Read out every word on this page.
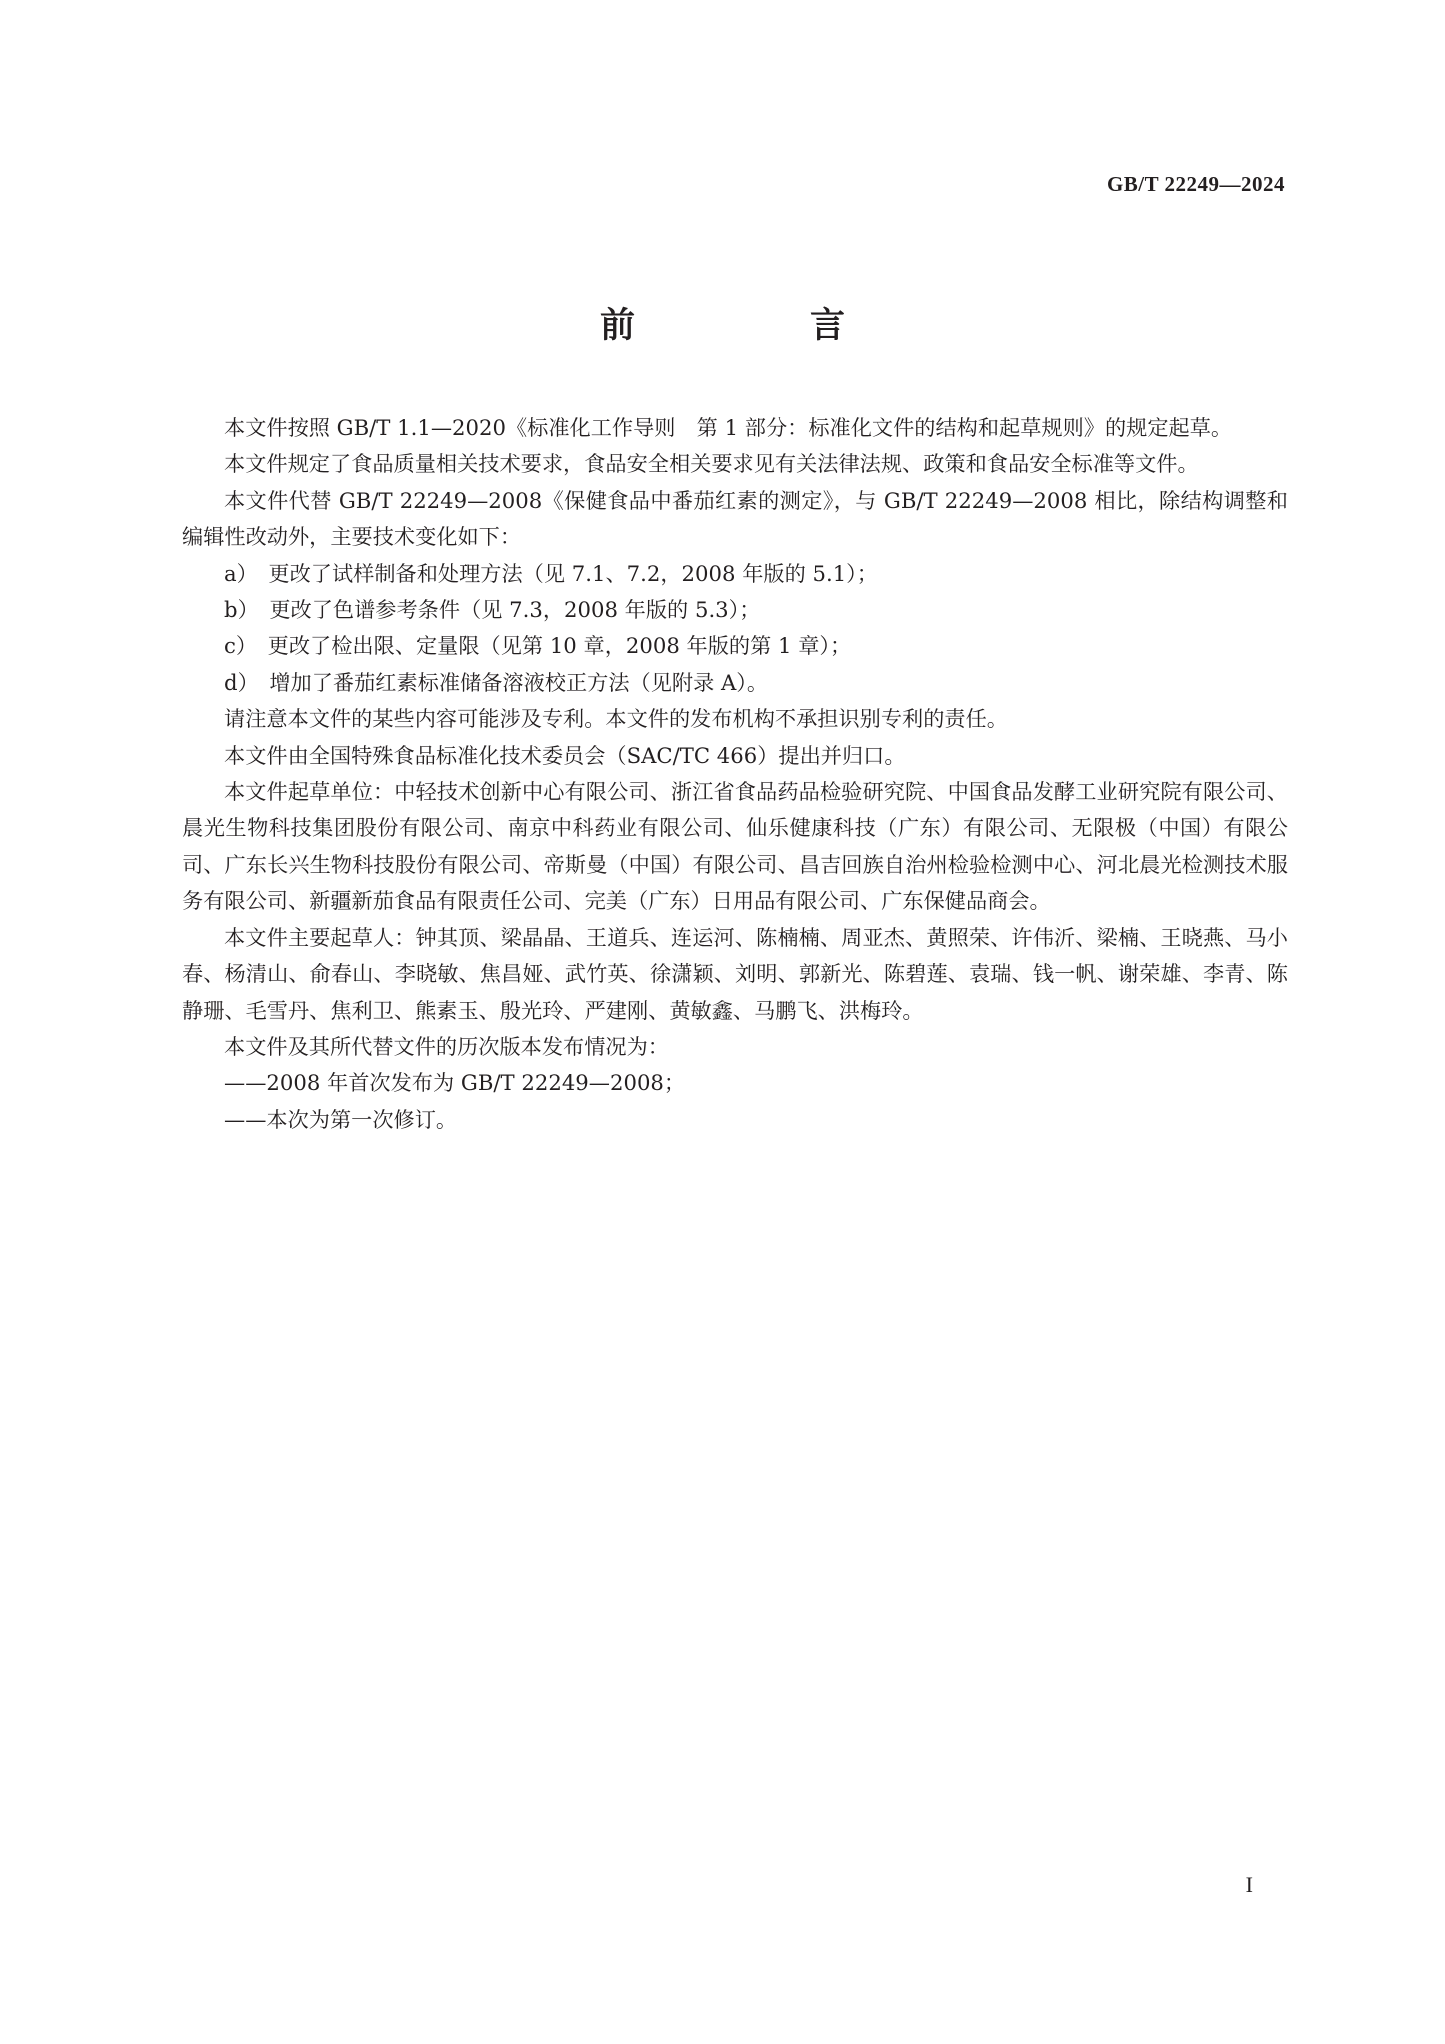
GB/T 22249—2024
前　言

本文件按照 GB/T 1.1—2020《标准化工作导则　第 1 部分：标准化文件的结构和起草规则》的规定起草。

本文件规定了食品质量相关技术要求，食品安全相关要求见有关法律法规、政策和食品安全标准等文件。

本文件代替 GB/T 22249—2008《保健食品中番茄红素的测定》，与 GB/T 22249—2008 相比，除结构调整和编辑性改动外，主要技术变化如下：

a）　更改了试样制备和处理方法（见 7.1、7.2，2008 年版的 5.1）；

b）　更改了色谱参考条件（见 7.3，2008 年版的 5.3）；

c）　更改了检出限、定量限（见第 10 章，2008 年版的第 1 章）；

d）　增加了番茄红素标准储备溶液校正方法（见附录 A）。

请注意本文件的某些内容可能涉及专利。本文件的发布机构不承担识别专利的责任。

本文件由全国特殊食品标准化技术委员会（SAC/TC 466）提出并归口。

本文件起草单位：中轻技术创新中心有限公司、浙江省食品药品检验研究院、中国食品发酵工业研究院有限公司、晨光生物科技集团股份有限公司、南京中科药业有限公司、仙乐健康科技（广东）有限公司、无限极（中国）有限公司、广东长兴生物科技股份有限公司、帝斯曼（中国）有限公司、昌吉回族自治州检验检测中心、河北晨光检测技术服务有限公司、新疆新茄食品有限责任公司、完美（广东）日用品有限公司、广东保健品商会。

本文件主要起草人：钟其顶、梁晶晶、王道兵、连运河、陈楠楠、周亚杰、黄照荣、许伟沂、梁楠、王晓燕、马小春、杨清山、俞春山、李晓敏、焦昌娅、武竹英、徐潇颖、刘明、郭新光、陈碧莲、袁瑞、钱一帆、谢荣雄、李青、陈静珊、毛雪丹、焦利卫、熊素玉、殷光玲、严建刚、黄敏鑫、马鹏飞、洪梅玲。

本文件及其所代替文件的历次版本发布情况为：

——2008 年首次发布为 GB/T 22249—2008；

——本次为第一次修订。

I
